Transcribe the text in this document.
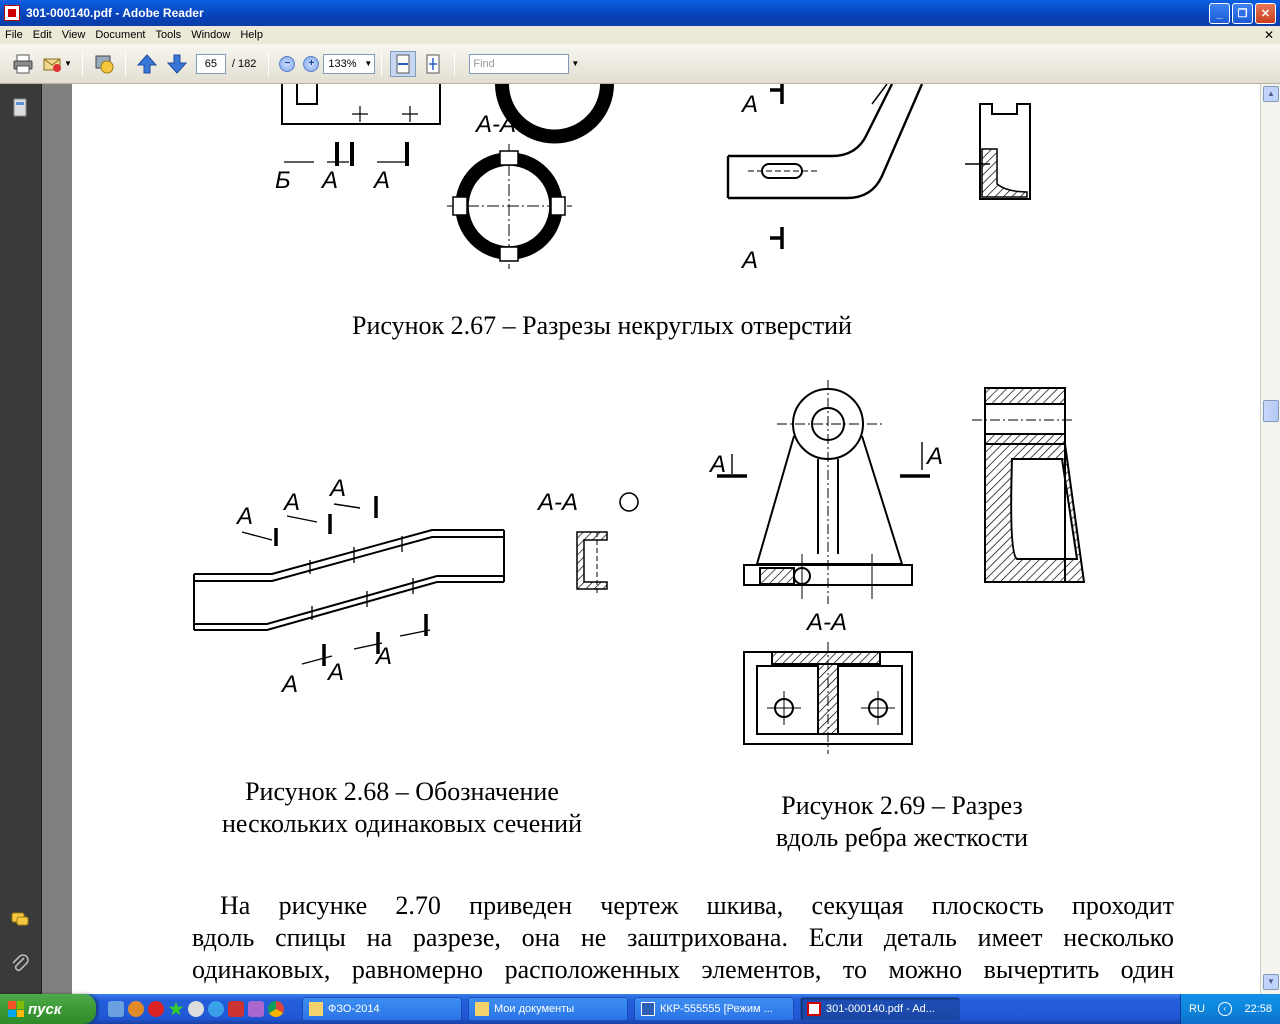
301-000140.pdf - Adobe Reader	_	❐	✕
File Edit View Document Tools Window Help	✕
▼	65	/ 182	−	+	133% ▼	Find	▼
Б А А
А-А
А
А
А
А
А
А А
А
А-А
А	А
А-А
Рисунок 2.67 – Разрезы некруглых отверстий
Рисунок 2.68 – Обозначение
нескольких одинаковых сечений
Рисунок 2.69 – Разрез
вдоль ребра жесткости
На рисунке 2.70 приведен чертеж шкива, секущая плоскость проходит
вдоль спицы на разрезе, она не заштрихована. Если деталь имеет несколько
одинаковых, равномерно расположенных элементов, то можно вычертить один
▲
▼
пуск	ФЗО-2014	Мои документы	ККР-555555 [Режим ...	301-000140.pdf - Ad...	RU	‹	22:58
